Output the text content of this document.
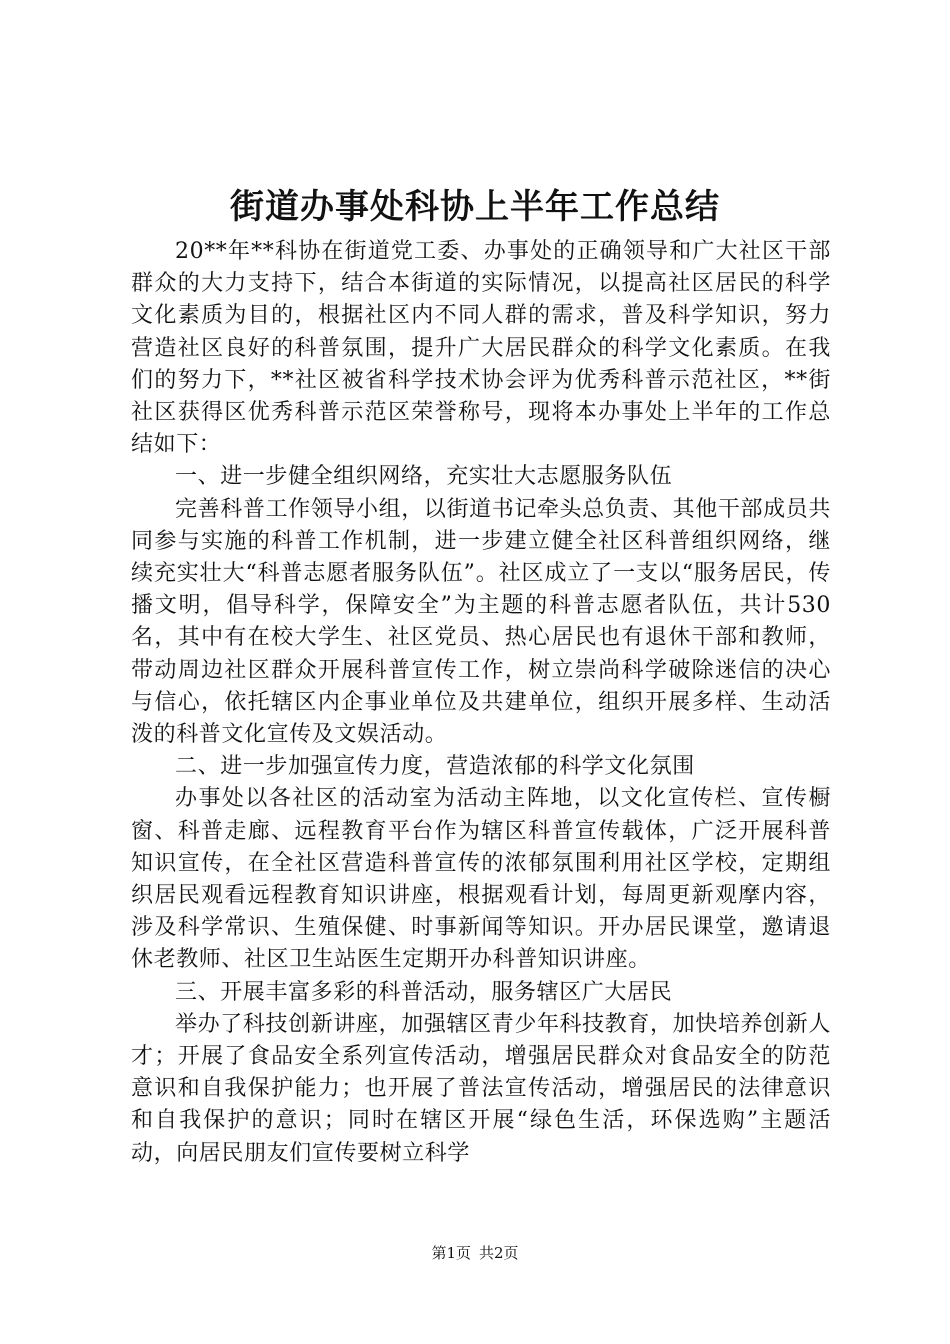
街道办事处科协上半年工作总结

20**年**科协在街道党工委、办事处的正确领导和广大社区干部群众的大力支持下，结合本街道的实际情况，以提高社区居民的科学文化素质为目的，根据社区内不同人群的需求，普及科学知识，努力营造社区良好的科普氛围，提升广大居民群众的科学文化素质。在我们的努力下，**社区被省科学技术协会评为优秀科普示范社区，**街社区获得区优秀科普示范区荣誉称号，现将本办事处上半年的工作总结如下：

一、进一步健全组织网络，充实壮大志愿服务队伍

完善科普工作领导小组，以街道书记牵头总负责、其他干部成员共同参与实施的科普工作机制，进一步建立健全社区科普组织网络，继续充实壮大“科普志愿者服务队伍”。社区成立了一支以“服务居民，传播文明，倡导科学，保障安全”为主题的科普志愿者队伍，共计530名，其中有在校大学生、社区党员、热心居民也有退休干部和教师，带动周边社区群众开展科普宣传工作，树立崇尚科学破除迷信的决心与信心，依托辖区内企事业单位及共建单位，组织开展多样、生动活泼的科普文化宣传及文娱活动。

二、进一步加强宣传力度，营造浓郁的科学文化氛围

办事处以各社区的活动室为活动主阵地，以文化宣传栏、宣传橱窗、科普走廊、远程教育平台作为辖区科普宣传载体，广泛开展科普知识宣传，在全社区营造科普宣传的浓郁氛围利用社区学校，定期组织居民观看远程教育知识讲座，根据观看计划，每周更新观摩内容，涉及科学常识、生殖保健、时事新闻等知识。开办居民课堂，邀请退休老教师、社区卫生站医生定期开办科普知识讲座。

三、开展丰富多彩的科普活动，服务辖区广大居民

举办了科技创新讲座，加强辖区青少年科技教育，加快培养创新人才；开展了食品安全系列宣传活动，增强居民群众对食品安全的防范意识和自我保护能力；也开展了普法宣传活动，增强居民的法律意识和自我保护的意识；同时在辖区开展“绿色生活，环保选购”主题活动，向居民朋友们宣传要树立科学

第1页 共2页
